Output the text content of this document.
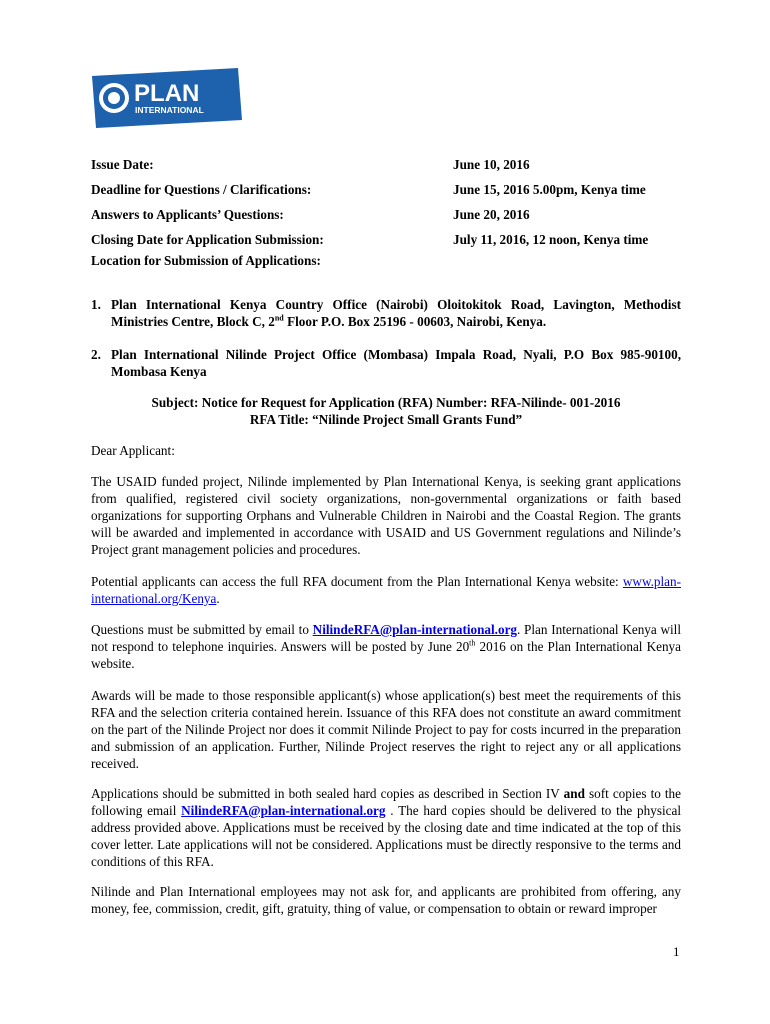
PLAN
INTERNATIONAL
Issue Date:	June 10, 2016
Deadline for Questions / Clarifications:	June 15, 2016 5.00pm, Kenya time
Answers to Applicants’ Questions:	June 20, 2016
Closing Date for Application Submission:	July 11, 2016, 12 noon, Kenya time
Location for Submission of Applications:
1. Plan International Kenya Country Office (Nairobi) Oloitokitok Road, Lavington, Methodist Ministries Centre, Block C, 2nd Floor P.O. Box 25196 - 00603, Nairobi, Kenya.
2. Plan International Nilinde Project Office (Mombasa) Impala Road, Nyali, P.O Box 985-90100, Mombasa Kenya
Subject: Notice for Request for Application (RFA) Number: RFA-Nilinde- 001-2016
RFA Title: “Nilinde Project Small Grants Fund”
Dear Applicant:
The USAID funded project, Nilinde implemented by Plan International Kenya, is seeking grant applications from qualified, registered civil society organizations, non-governmental organizations or faith based organizations for supporting Orphans and Vulnerable Children in Nairobi and the Coastal Region. The grants will be awarded and implemented in accordance with USAID and US Government regulations and Nilinde’s Project grant management policies and procedures.
Potential applicants can access the full RFA document from the Plan International Kenya website: www.plan-international.org/Kenya.
Questions must be submitted by email to NilindeRFA@plan-international.org. Plan International Kenya will not respond to telephone inquiries. Answers will be posted by June 20th 2016 on the Plan International Kenya website.
Awards will be made to those responsible applicant(s) whose application(s) best meet the requirements of this RFA and the selection criteria contained herein. Issuance of this RFA does not constitute an award commitment on the part of the Nilinde Project nor does it commit Nilinde Project to pay for costs incurred in the preparation and submission of an application. Further, Nilinde Project reserves the right to reject any or all applications received.
Applications should be submitted in both sealed hard copies as described in Section IV and soft copies to the following email NilindeRFA@plan-international.org . The hard copies should be delivered to the physical address provided above. Applications must be received by the closing date and time indicated at the top of this cover letter. Late applications will not be considered. Applications must be directly responsive to the terms and conditions of this RFA.
Nilinde and Plan International employees may not ask for, and applicants are prohibited from offering, any money, fee, commission, credit, gift, gratuity, thing of value, or compensation to obtain or reward improper
1
